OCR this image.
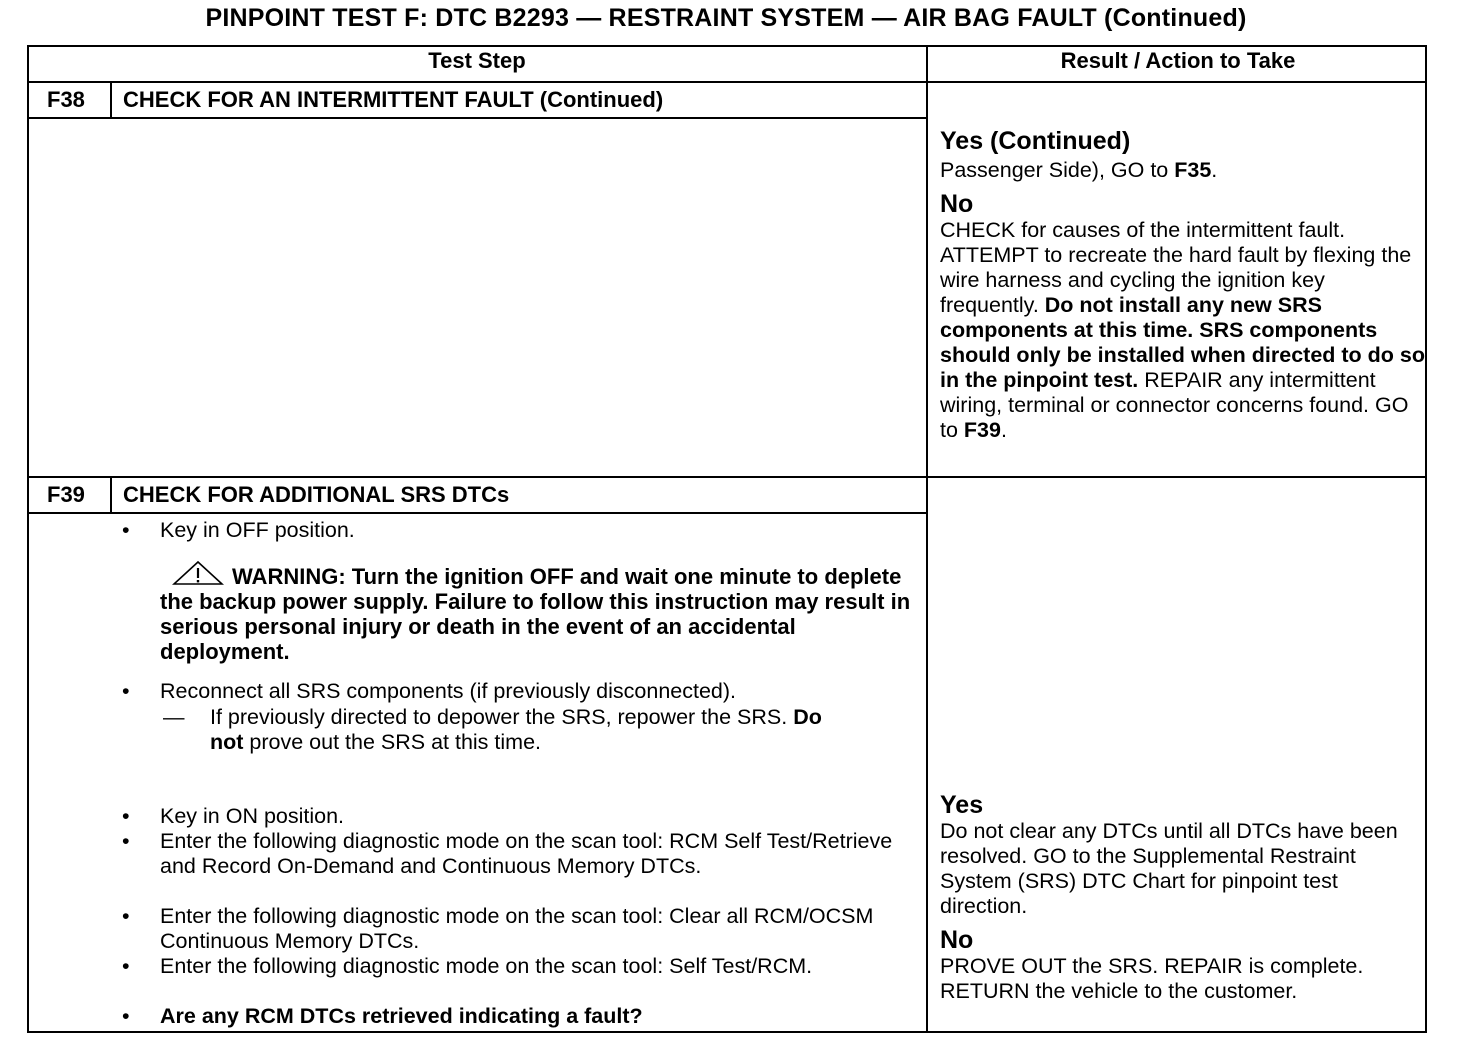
PINPOINT TEST F: DTC B2293 — RESTRAINT SYSTEM — AIR BAG FAULT (Continued)
Test Step	Result / Action to Take
F38 CHECK FOR AN INTERMITTENT FAULT (Continued)
Yes (Continued)
Passenger Side), GO to F35.
No
CHECK for causes of the intermittent fault. ATTEMPT to recreate the hard fault by flexing the wire harness and cycling the ignition key frequently. Do not install any new SRS components at this time. SRS components should only be installed when directed to do so in the pinpoint test. REPAIR any intermittent wiring, terminal or connector concerns found. GO to F39.
F39 CHECK FOR ADDITIONAL SRS DTCs
• Key in OFF position.
WARNING: Turn the ignition OFF and wait one minute to deplete the backup power supply. Failure to follow this instruction may result in serious personal injury or death in the event of an accidental deployment.
• Reconnect all SRS components (if previously disconnected).
— If previously directed to depower the SRS, repower the SRS. Do not prove out the SRS at this time.
• Key in ON position.
• Enter the following diagnostic mode on the scan tool: RCM Self Test/Retrieve and Record On-Demand and Continuous Memory DTCs.
• Enter the following diagnostic mode on the scan tool: Clear all RCM/OCSM Continuous Memory DTCs.
• Enter the following diagnostic mode on the scan tool: Self Test/RCM.
• Are any RCM DTCs retrieved indicating a fault?
Yes
Do not clear any DTCs until all DTCs have been resolved. GO to the Supplemental Restraint System (SRS) DTC Chart for pinpoint test direction.
No
PROVE OUT the SRS. REPAIR is complete. RETURN the vehicle to the customer.
